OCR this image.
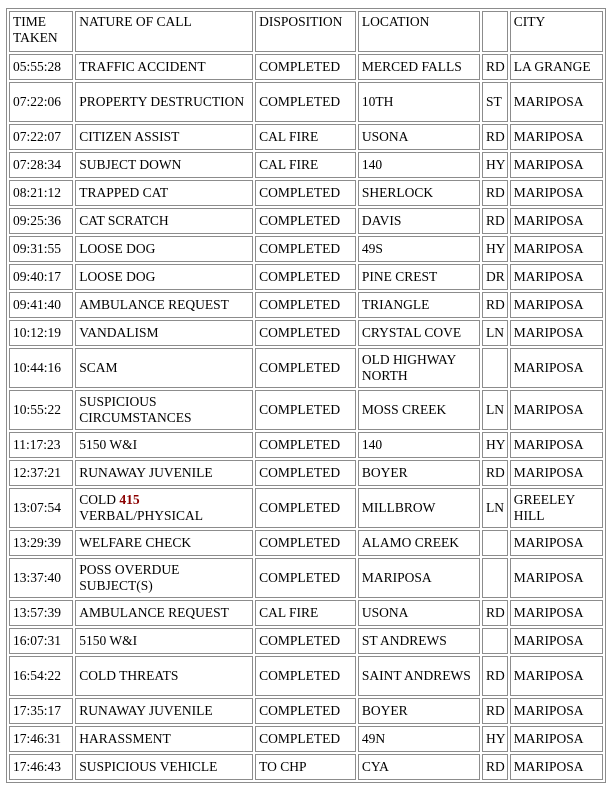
TIME TAKEN	NATURE OF CALL	DISPOSITION	LOCATION		CITY
05:55:28	TRAFFIC ACCIDENT	COMPLETED	MERCED FALLS	RD	LA GRANGE
07:22:06	PROPERTY DESTRUCTION	COMPLETED	10TH	ST	MARIPOSA
07:22:07	CITIZEN ASSIST	CAL FIRE	USONA	RD	MARIPOSA
07:28:34	SUBJECT DOWN	CAL FIRE	140	HY	MARIPOSA
08:21:12	TRAPPED CAT	COMPLETED	SHERLOCK	RD	MARIPOSA
09:25:36	CAT SCRATCH	COMPLETED	DAVIS	RD	MARIPOSA
09:31:55	LOOSE DOG	COMPLETED	49S	HY	MARIPOSA
09:40:17	LOOSE DOG	COMPLETED	PINE CREST	DR	MARIPOSA
09:41:40	AMBULANCE REQUEST	COMPLETED	TRIANGLE	RD	MARIPOSA
10:12:19	VANDALISM	COMPLETED	CRYSTAL COVE	LN	MARIPOSA
10:44:16	SCAM	COMPLETED	OLD HIGHWAY NORTH		MARIPOSA
10:55:22	SUSPICIOUS CIRCUMSTANCES	COMPLETED	MOSS CREEK	LN	MARIPOSA
11:17:23	5150 W&I	COMPLETED	140	HY	MARIPOSA
12:37:21	RUNAWAY JUVENILE	COMPLETED	BOYER	RD	MARIPOSA
13:07:54	COLD 415 VERBAL/PHYSICAL	COMPLETED	MILLBROW	LN	GREELEY HILL
13:29:39	WELFARE CHECK	COMPLETED	ALAMO CREEK		MARIPOSA
13:37:40	POSS OVERDUE SUBJECT(S)	COMPLETED	MARIPOSA		MARIPOSA
13:57:39	AMBULANCE REQUEST	CAL FIRE	USONA	RD	MARIPOSA
16:07:31	5150 W&I	COMPLETED	ST ANDREWS		MARIPOSA
16:54:22	COLD THREATS	COMPLETED	SAINT ANDREWS	RD	MARIPOSA
17:35:17	RUNAWAY JUVENILE	COMPLETED	BOYER	RD	MARIPOSA
17:46:31	HARASSMENT	COMPLETED	49N	HY	MARIPOSA
17:46:43	SUSPICIOUS VEHICLE	TO CHP	CYA	RD	MARIPOSA
